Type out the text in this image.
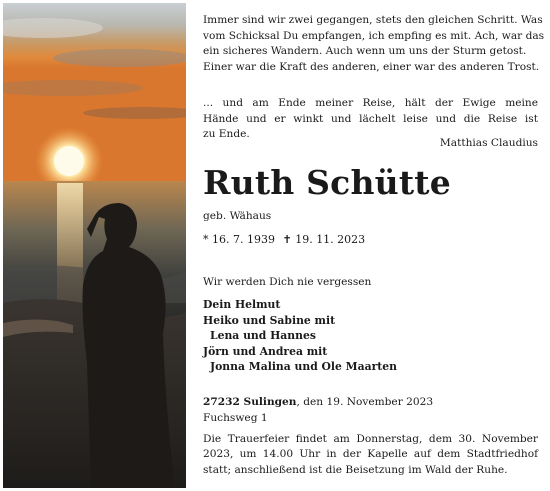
Immer sind wir zwei gegangen, stets den gleichen Schritt. Was
vom Schicksal Du empfangen, ich empfing es mit. Ach, war das
ein sicheres Wandern. Auch wenn um uns der Sturm getost.
Einer war die Kraft des anderen, einer war des anderen Trost.
... und am Ende meiner Reise, hält der Ewige meine
Hände und er winkt und lächelt leise und die Reise ist
zu Ende.
Matthias Claudius
Ruth Schütte
geb. Wähaus
* 16. 7. 1939 ✝ 19. 11. 2023
Wir werden Dich nie vergessen
Dein Helmut
Heiko und Sabine mit
Lena und Hannes
Jörn und Andrea mit
Jonna Malina und Ole Maarten
27232 Sulingen, den 19. November 2023
Fuchsweg 1
Die Trauerfeier findet am Donnerstag, dem 30. November
2023, um 14.00 Uhr in der Kapelle auf dem Stadtfriedhof
statt; anschließend ist die Beisetzung im Wald der Ruhe.
